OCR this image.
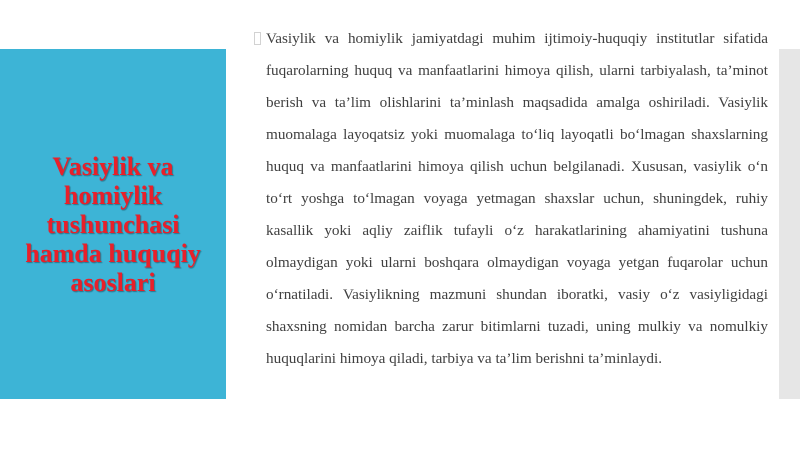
Vasiylik va homiylik tushunchasi hamda huquqiy asoslari

Vasiylik va homiylik jamiyatdagi muhim ijtimoiy-huquqiy institutlar sifatida fuqarolarning huquq va manfaatlarini himoya qilish, ularni tarbiyalash, ta’minot berish va ta’lim olishlarini ta’minlash maqsadida amalga oshiriladi. Vasiylik muomalaga layoqatsiz yoki muomalaga to‘liq layoqatli bo‘lmagan shaxslarning huquq va manfaatlarini himoya qilish uchun belgilanadi. Xususan, vasiylik o‘n to‘rt yoshga to‘lmagan voyaga yetmagan shaxslar uchun, shuningdek, ruhiy kasallik yoki aqliy zaiflik tufayli o‘z harakatlarining ahamiyatini tushuna olmaydigan yoki ularni boshqara olmaydigan voyaga yetgan fuqarolar uchun o‘rnatiladi. Vasiylikning mazmuni shundan iboratki, vasiy o‘z vasiyligidagi shaxsning nomidan barcha zarur bitimlarni tuzadi, uning mulkiy va nomulkiy huquqlarini himoya qiladi, tarbiya va ta’lim berishni ta’minlaydi.
